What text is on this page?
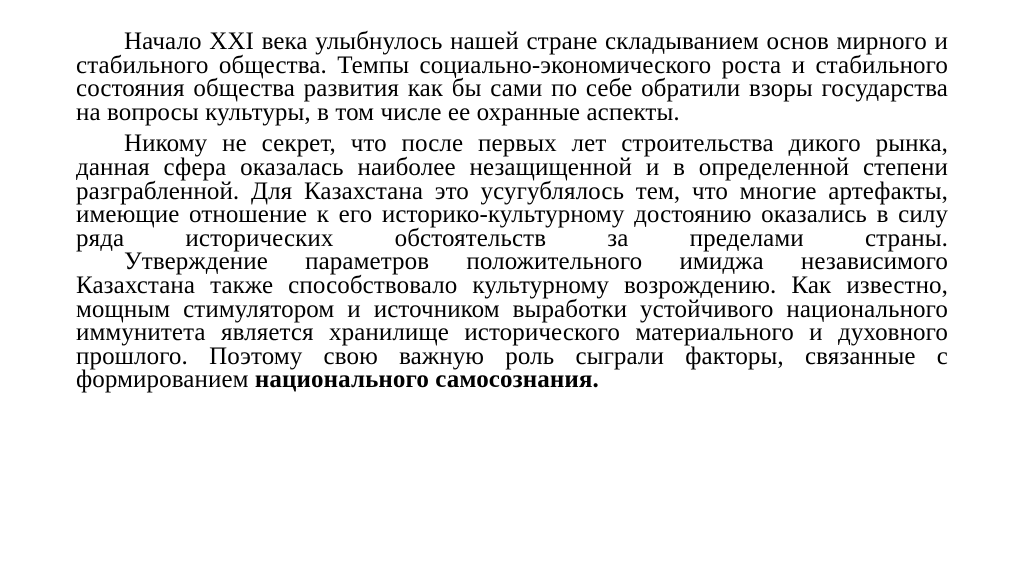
Начало XXI века улыбнулось нашей стране складыванием основ мирного и стабильного общества. Темпы социально-экономического роста и стабильного состояния общества развития как бы сами по себе обратили взоры государства на вопросы культуры, в том числе ее охранные аспекты.

Никому не секрет, что после первых лет строительства дикого рынка, данная сфера оказалась наиболее незащищенной и в определенной степени разграбленной. Для Казахстана это усугублялось тем, что многие артефакты, имеющие отношение к его историко-культурному достоянию оказались в силу ряда исторических обстоятельств за пределами страны.

Утверждение параметров положительного имиджа независимого Казахстана также способствовало культурному возрождению. Как известно, мощным стимулятором и источником выработки устойчивого национального иммунитета является хранилище исторического материального и духовного прошлого. Поэтому свою важную роль сыграли факторы, связанные с формированием национального самосознания.
